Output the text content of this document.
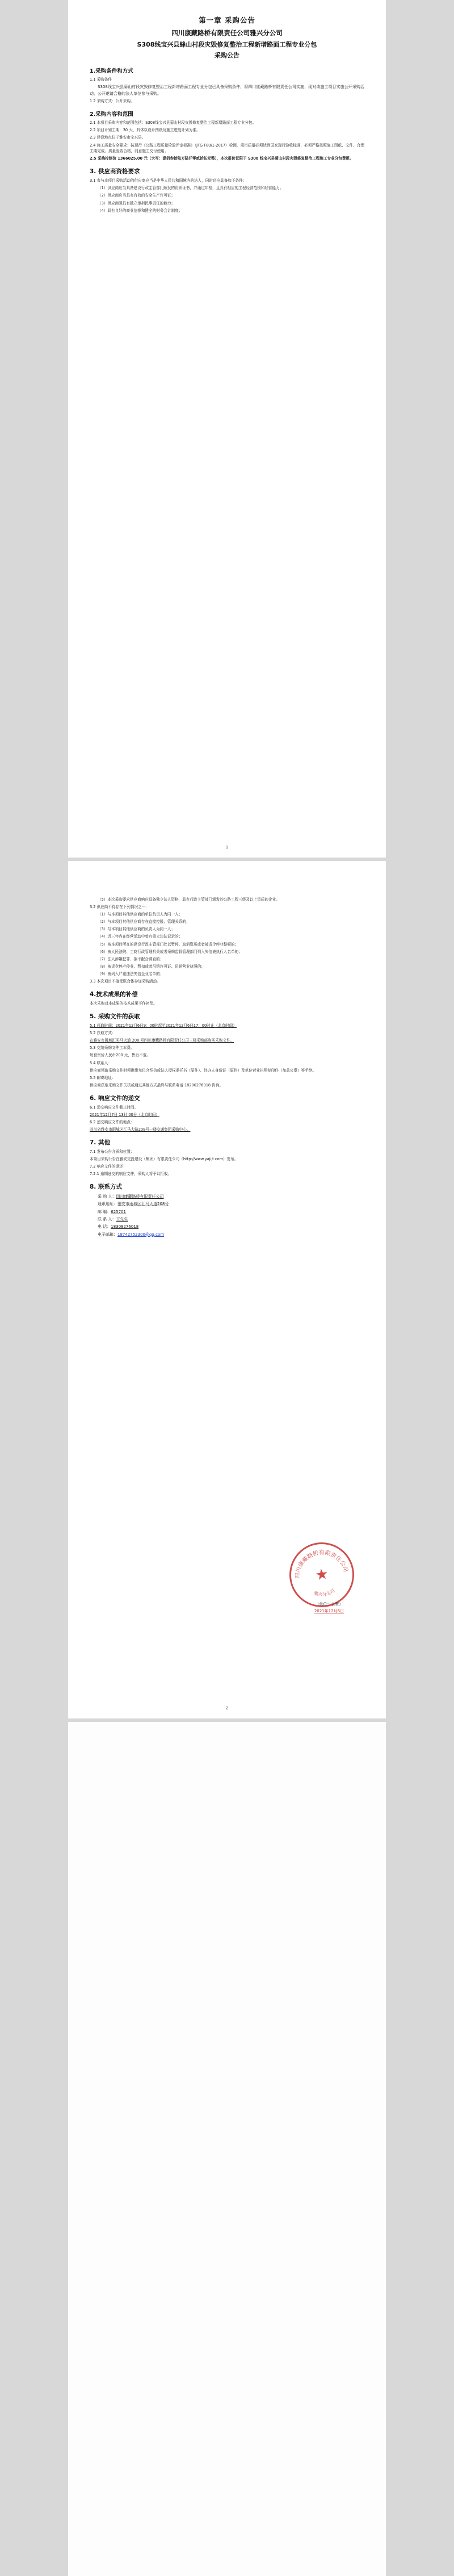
第一章 采购公告
四川康藏路桥有限责任公司雅兴分公司
S308线宝兴县蜂山村段灾毁修复整治工程新增路面工程专业分包
采购公告
1.采购条件和方式

1.1 采购条件

S308线宝兴县菊山村段灾毁修复整治工程新增路面工程专业分包已具备采购条件，将四川康藏路桥有限责任公司实施，现对该施工项目实施公开采购活动，公开邀请合格的法人单位参与采购。

1.2 采购方式：公开采购。

2.采购内容和范围

2.1 本项目采购内容和范围包括：S308线宝兴县菊山村段灾毁修复整治工程新增路面工程专业分包。

2.2 项目计划工期：30 天，具体以设计图纸及施工进度计划为准。

2.3 建设地点位于雅安市宝兴县。

2.4 施工质量安全要求：按现行《公路工程质量检验评定标准》（JTG F80/1-2017）检测，项目质量必须达到国家现行验收标准，必须严格按照施工图纸、文件、合理工期完成。质量验收合格，同意施工交付使用。

2.5 采购控制价 1366025.00 元（大写：壹佰叁拾陆万陆仟零贰拾伍元整），本次报价仅限于 S308 线宝兴县菊山村段灾毁修复整治工程施工专业分包费用。

3. 供应商资格要求

3.1 参与本项目采购活动的供应商应当是中华人民共和国境内的法人，同时还应具备如下条件：

（1）供应商应当具备建设行政主管部门颁发的资质证书，并通过年检，且具有相应的工程经营范围和经营能力。

（2）供应商应当具有有效的安全生产许可证；

（3）供应商须具有独立承担民事责任的能力；

（4）具有良好的商业信誉和健全的财务会计制度；

1

（5）本次采购要求供应商响应具备独立法人资格，具有行政主管部门颁发的公路工程三级及以上资质的企业。

3.2 供应商不得存在下列情况之一：

（1）与本项目其他供应商的单位负责人为同一人；

（2）与本项目其他供应商存在直接控股、管理关系的；

（3）与本项目其他供应商的负责人为同一人；

（4）近三年内在经营活动中曾有重大违法记录的；

（5）被本项目所在的建设行政主管部门处以暂停、取消资质或者被责令停业整顿的；

（6）被人民法院、工商行政管理机关或者采购监督管理部门列入失信被执行人名单的；

（7）法人涉嫌犯罪、拒不配合调查的；

（8）被责令停产停业、暂扣或者吊销许可证、吊销营业执照的；

（9）被列入严重违法失信企业名单的；

3.3 本次项目不接受联合体参加采购活动。

4.技术成果的补偿

本次采购对本成果的技术成果不作补偿。

5. 采购文件的获取

5.1 获取时间：2021年12月6日9：00时起至2021年12月6日17：00时止（北京时间）

5.2 获取方式：

在雅安市属域汇买马大道 208 号四川康藏路桥有限责任公司三楼采购部购买采购文件。

5.3 交纳采购文件工本费。

每套售价人民币200 元，售后不退。

5.4 联系人：

供应商领取采购文件时须携带单位介绍信或法人授权委托书（原件）、经办人身份证（原件）及单位营业执照复印件（加盖公章）等手续。

5.5 邮寄地址：

供应商获取采购文件关机或通过其他方式最终与联系电话 18200276018 咨询。

6. 响应文件的递交

6.1 递交响应文件截止时间。

2021年12月7日 13时 00分（北京时间）

6.2 递交响应文件的地点：

四川省雅安市雨城区汇马大路208号一楼交通集团采购中心。

7. 其他

7.1 发布公告介质和位置：

本项目采购公告在雅安交投建设（集团）有限责任公司（http://www.yajijt.com）发布。

7.2 响应文件的退还：

7.2.1 逾期递交的响应文件，采购人将予以拒收。

8. 联系方式
采 购 人：四川康藏路桥有限责任公司
通讯地址：雅安市雨城区汇马大道208号
邮 编：625701
联 系 人：王先生
电 话：18308276018
电子邮箱：18742752300@qq.com
四川康藏路桥有限责任公司
雅兴分公司
★
（单位：公章）
2021年12月6日
2
